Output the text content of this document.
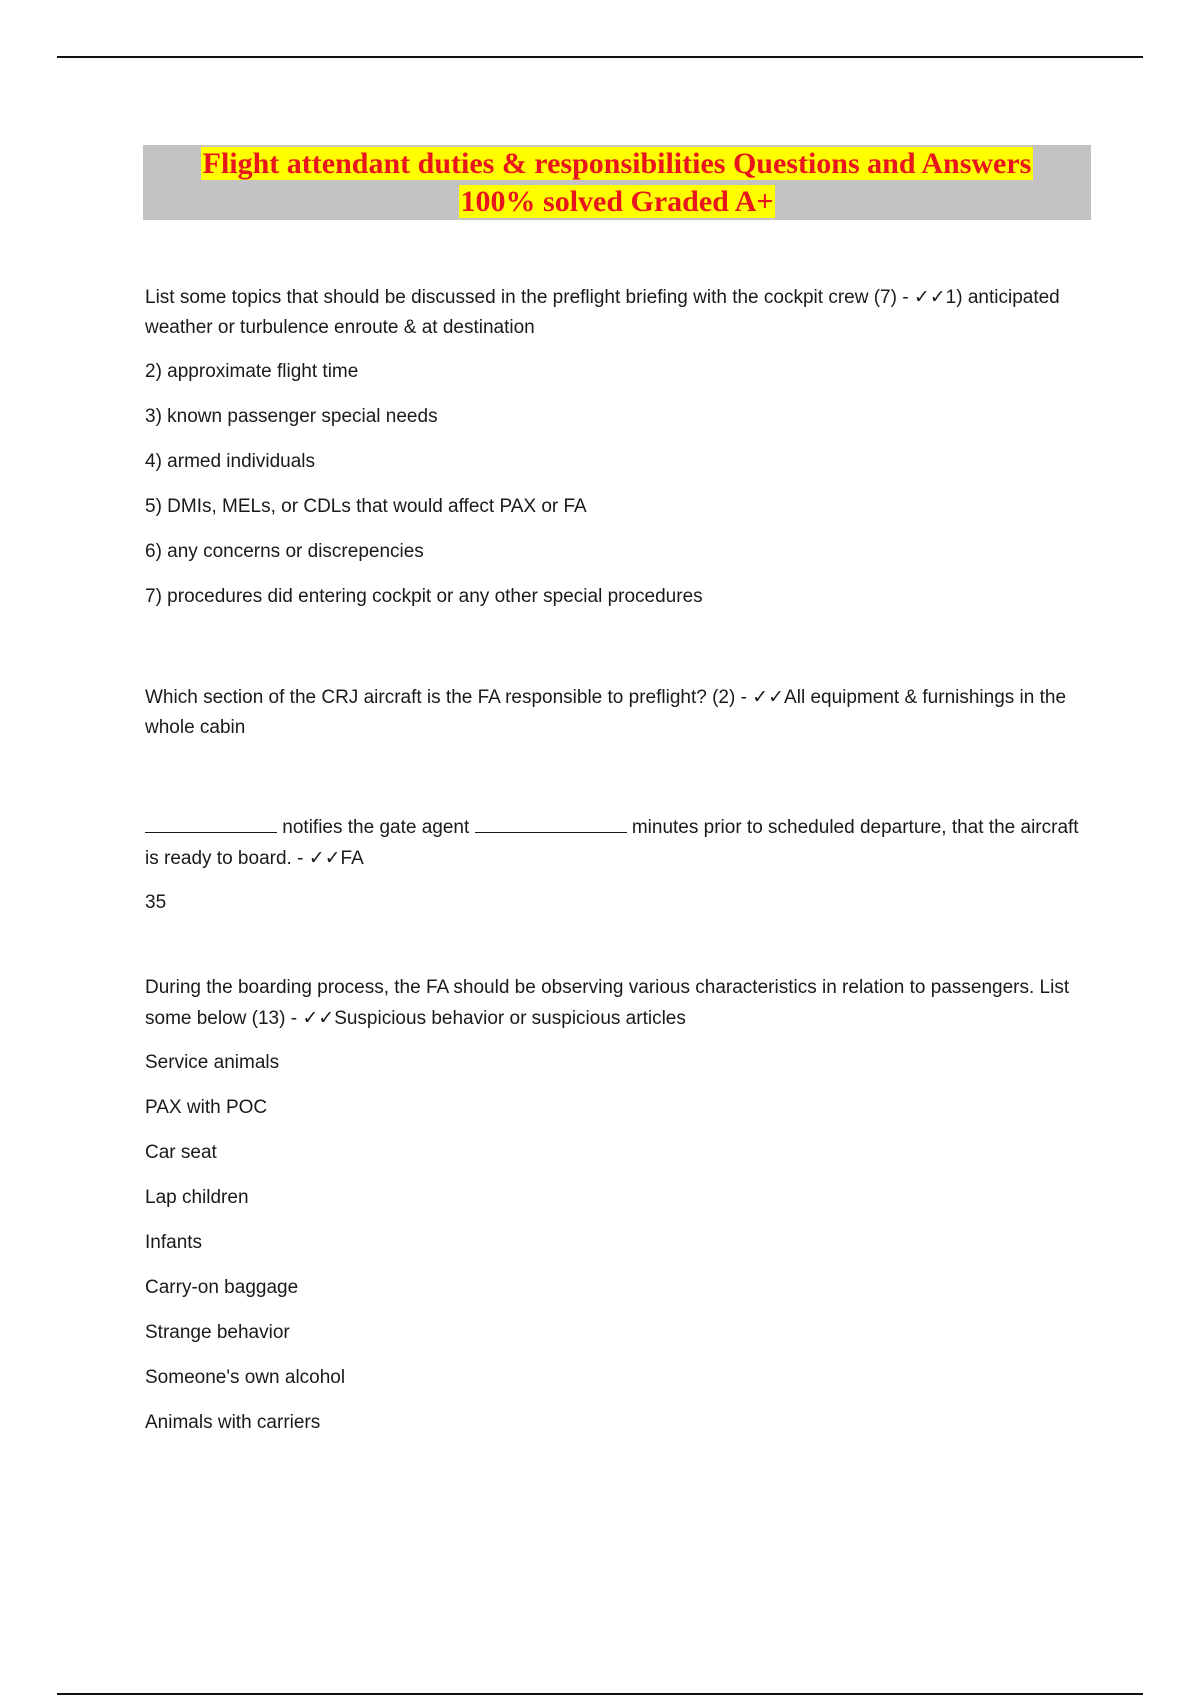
Flight attendant duties & responsibilities Questions and Answers
100% solved Graded A+

List some topics that should be discussed in the preflight briefing with the cockpit crew (7) - ✓✓1) anticipated weather or turbulence enroute & at destination

2) approximate flight time

3) known passenger special needs

4) armed individuals

5) DMIs, MELs, or CDLs that would affect PAX or FA

6) any concerns or discrepencies

7) procedures did entering cockpit or any other special procedures

Which section of the CRJ aircraft is the FA responsible to preflight? (2) - ✓✓All equipment & furnishings in the whole cabin

notifies the gate agent	minutes prior to scheduled departure, that the aircraft is ready to board. - ✓✓FA

35

During the boarding process, the FA should be observing various characteristics in relation to passengers. List some below (13) - ✓✓Suspicious behavior or suspicious articles

Service animals

PAX with POC

Car seat

Lap children

Infants

Carry-on baggage

Strange behavior

Someone's own alcohol

Animals with carriers
